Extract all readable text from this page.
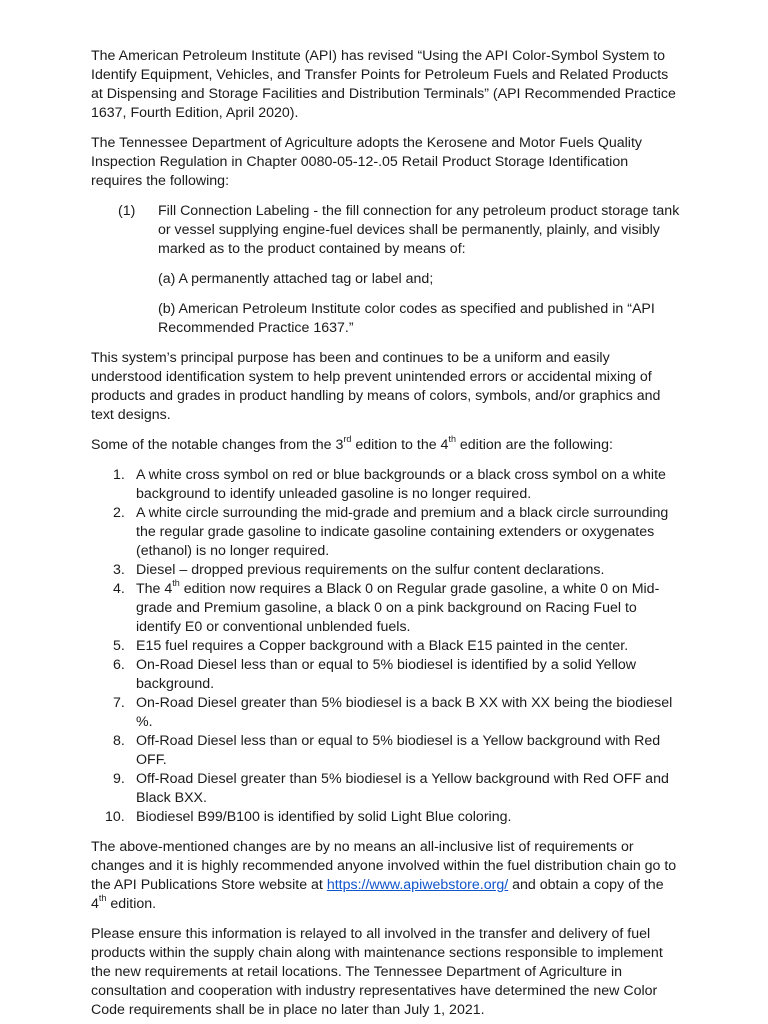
The American Petroleum Institute (API) has revised “Using the API Color-Symbol System to Identify Equipment, Vehicles, and Transfer Points for Petroleum Fuels and Related Products at Dispensing and Storage Facilities and Distribution Terminals” (API Recommended Practice 1637, Fourth Edition, April 2020).

The Tennessee Department of Agriculture adopts the Kerosene and Motor Fuels Quality Inspection Regulation in Chapter 0080-05-12-.05 Retail Product Storage Identification requires the following:

(1)	Fill Connection Labeling - the fill connection for any petroleum product storage tank or vessel supplying engine-fuel devices shall be permanently, plainly, and visibly marked as to the product contained by means of:

(a) A permanently attached tag or label and;

(b) American Petroleum Institute color codes as specified and published in “API Recommended Practice 1637.”

This system’s principal purpose has been and continues to be a uniform and easily understood identification system to help prevent unintended errors or accidental mixing of products and grades in product handling by means of colors, symbols, and/or graphics and text designs.

Some of the notable changes from the 3rd edition to the 4th edition are the following:

1. A white cross symbol on red or blue backgrounds or a black cross symbol on a white background to identify unleaded gasoline is no longer required.
2. A white circle surrounding the mid-grade and premium and a black circle surrounding the regular grade gasoline to indicate gasoline containing extenders or oxygenates (ethanol) is no longer required.
3. Diesel – dropped previous requirements on the sulfur content declarations.
4. The 4th edition now requires a Black 0 on Regular grade gasoline, a white 0 on Mid-grade and Premium gasoline, a black 0 on a pink background on Racing Fuel to identify E0 or conventional unblended fuels.
5. E15 fuel requires a Copper background with a Black E15 painted in the center.
6. On-Road Diesel less than or equal to 5% biodiesel is identified by a solid Yellow background.
7. On-Road Diesel greater than 5% biodiesel is a back B XX with XX being the biodiesel %.
8. Off-Road Diesel less than or equal to 5% biodiesel is a Yellow background with Red OFF.
9. Off-Road Diesel greater than 5% biodiesel is a Yellow background with Red OFF and Black BXX.
10. Biodiesel B99/B100 is identified by solid Light Blue coloring.

The above-mentioned changes are by no means an all-inclusive list of requirements or changes and it is highly recommended anyone involved within the fuel distribution chain go to the API Publications Store website at https://www.apiwebstore.org/ and obtain a copy of the 4th edition.

Please ensure this information is relayed to all involved in the transfer and delivery of fuel products within the supply chain along with maintenance sections responsible to implement the new requirements at retail locations. The Tennessee Department of Agriculture in consultation and cooperation with industry representatives have determined the new Color Code requirements shall be in place no later than July 1, 2021.
